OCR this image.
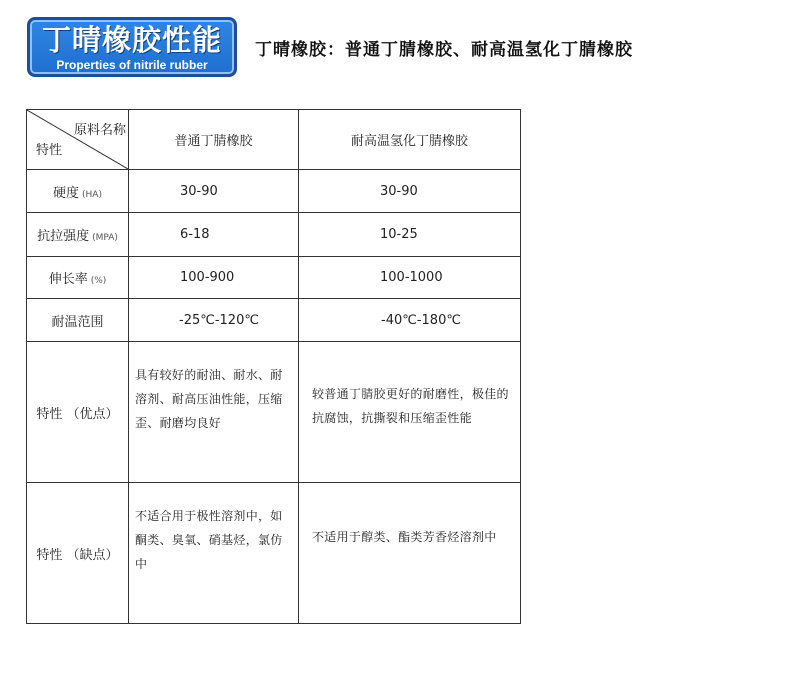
丁晴橡胶性能
Properties of nitrile rubber
丁晴橡胶：普通丁腈橡胶、耐高温氢化丁腈橡胶
原料名称
特性	普通丁腈橡胶	耐高温氢化丁腈橡胶
硬度 (HA)	30-90	30-90
抗拉强度 (MPA)	6-18	10-25
伸长率 (%)	100-900	100-1000
耐温范围	-25℃-120℃	-40℃-180℃
特性 （优点）	具有较好的耐油、耐水、耐溶剂、耐高压油性能，压缩歪、耐磨均良好	较普通丁腈胶更好的耐磨性，极佳的抗腐蚀，抗撕裂和压缩歪性能
特性 （缺点）	不适合用于极性溶剂中，如酮类、臭氧、硝基烃，氯仿中	不适用于醇类、酯类芳香烃溶剂中
